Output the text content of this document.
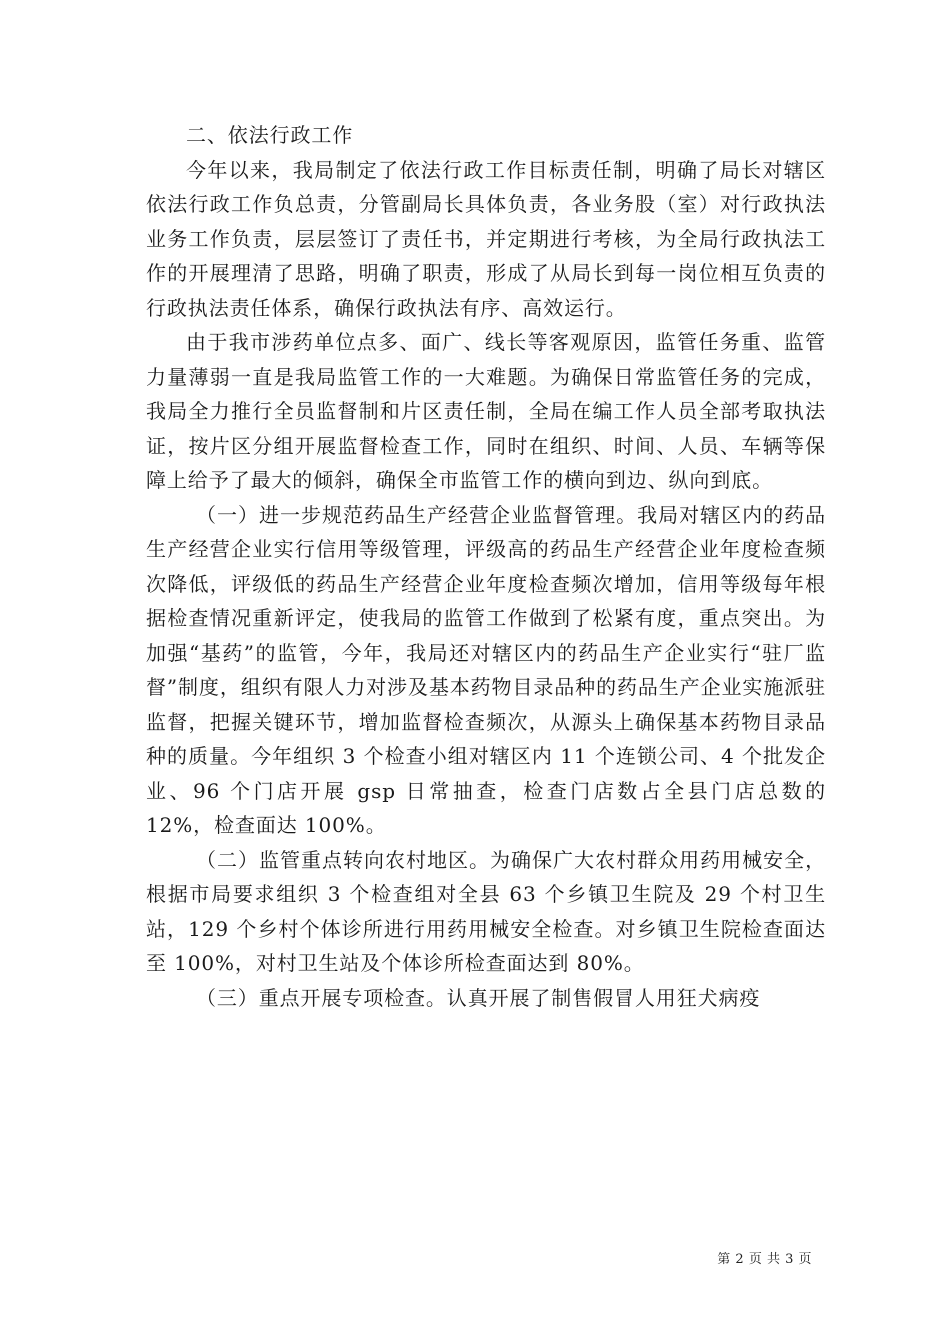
二、依法行政工作

今年以来，我局制定了依法行政工作目标责任制，明确了局长对辖区依法行政工作负总责，分管副局长具体负责，各业务股（室）对行政执法业务工作负责，层层签订了责任书，并定期进行考核，为全局行政执法工作的开展理清了思路，明确了职责，形成了从局长到每一岗位相互负责的行政执法责任体系，确保行政执法有序、高效运行。

由于我市涉药单位点多、面广、线长等客观原因，监管任务重、监管力量薄弱一直是我局监管工作的一大难题。为确保日常监管任务的完成，我局全力推行全员监督制和片区责任制，全局在编工作人员全部考取执法证，按片区分组开展监督检查工作，同时在组织、时间、人员、车辆等保障上给予了最大的倾斜，确保全市监管工作的横向到边、纵向到底。

（一）进一步规范药品生产经营企业监督管理。我局对辖区内的药品生产经营企业实行信用等级管理，评级高的药品生产经营企业年度检查频次降低，评级低的药品生产经营企业年度检查频次增加，信用等级每年根据检查情况重新评定，使我局的监管工作做到了松紧有度，重点突出。为加强“基药”的监管，今年，我局还对辖区内的药品生产企业实行“驻厂监督”制度，组织有限人力对涉及基本药物目录品种的药品生产企业实施派驻监督，把握关键环节，增加监督检查频次，从源头上确保基本药物目录品种的质量。今年组织 3 个检查小组对辖区内 11 个连锁公司、4 个批发企业、96 个门店开展 gsp 日常抽查，检查门店数占全县门店总数的 12%，检查面达 100%。

（二）监管重点转向农村地区。为确保广大农村群众用药用械安全，根据市局要求组织 3 个检查组对全县 63 个乡镇卫生院及 29 个村卫生站，129 个乡村个体诊所进行用药用械安全检查。对乡镇卫生院检查面达至 100%，对村卫生站及个体诊所检查面达到 80%。

（三）重点开展专项检查。认真开展了制售假冒人用狂犬病疫

第 2 页 共 3 页
